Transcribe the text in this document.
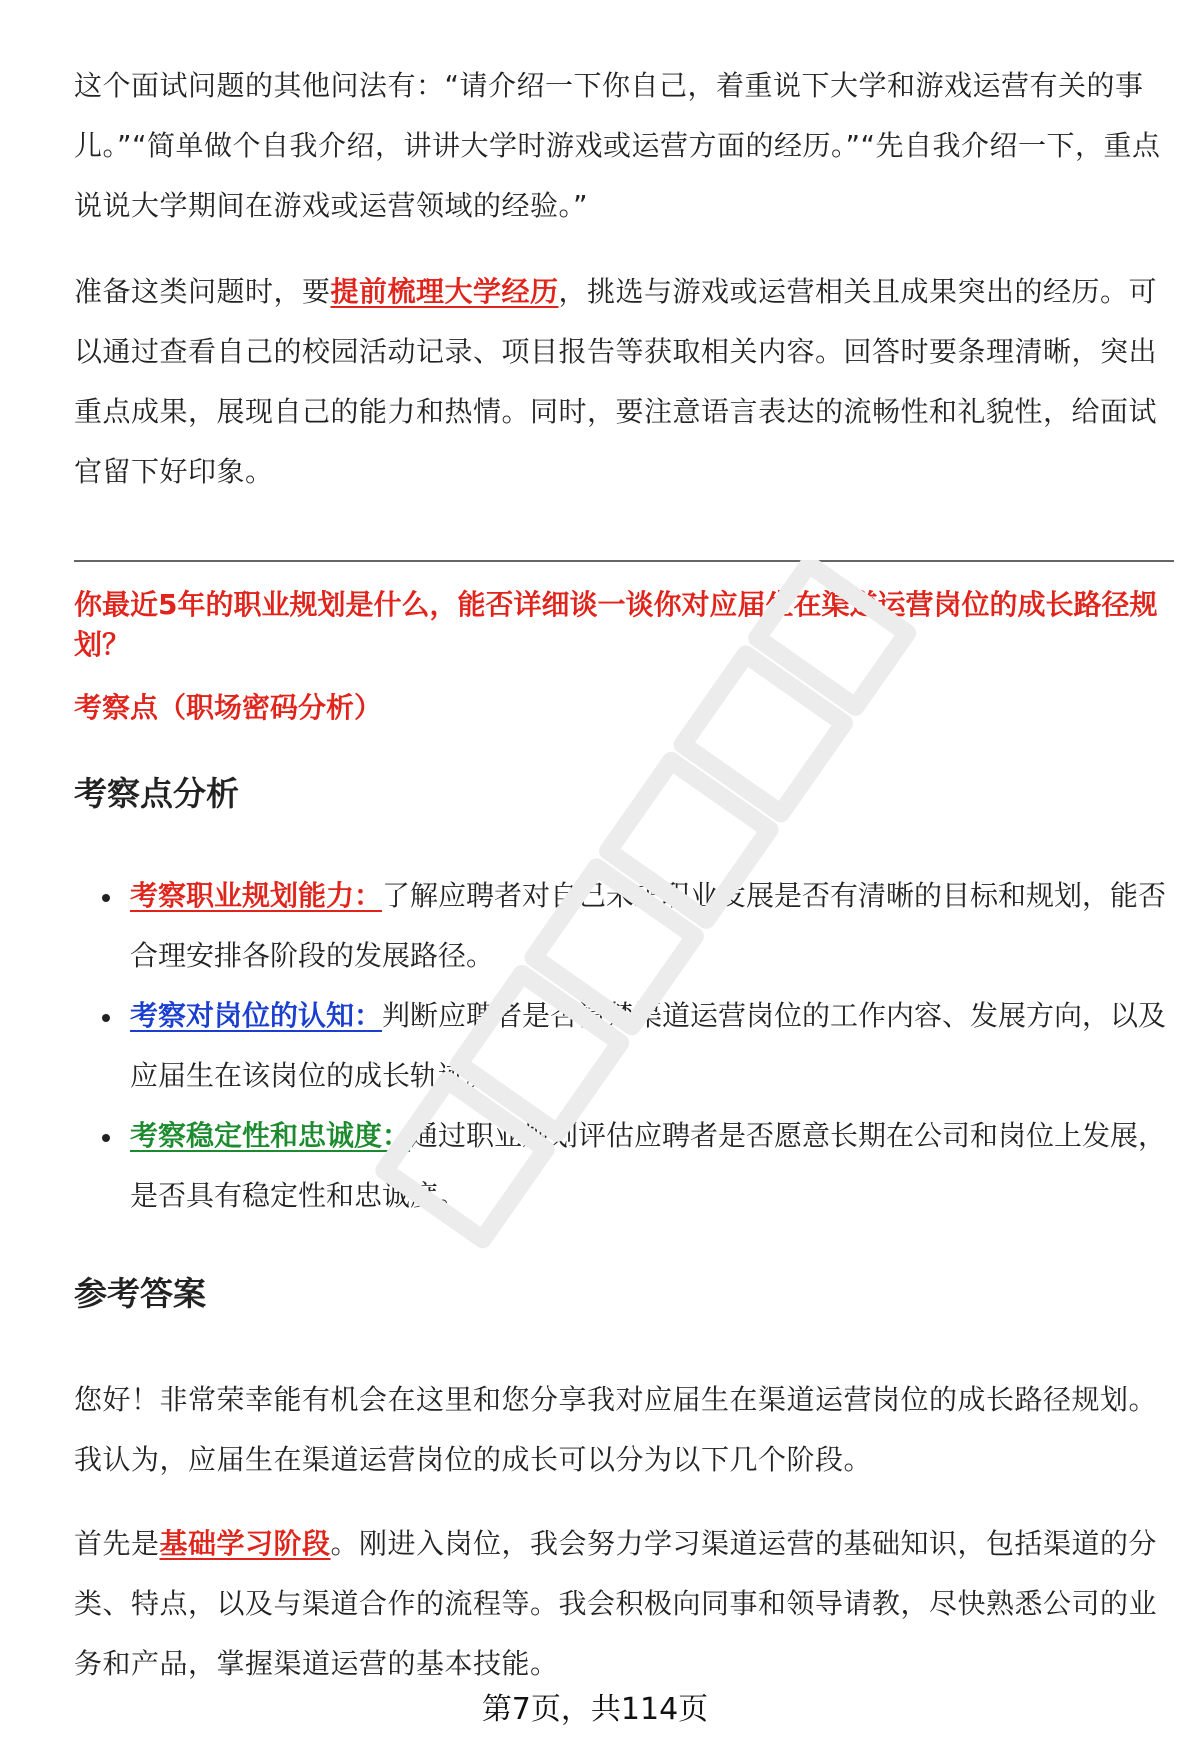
这个面试问题的其他问法有：“请介绍一下你自己，着重说下大学和游戏运营有关的事儿。”“简单做个自我介绍，讲讲大学时游戏或运营方面的经历。”“先自我介绍一下，重点说说大学期间在游戏或运营领域的经验。”

准备这类问题时，要提前梳理大学经历，挑选与游戏或运营相关且成果突出的经历。可以通过查看自己的校园活动记录、项目报告等获取相关内容。回答时要条理清晰，突出重点成果，展现自己的能力和热情。同时，要注意语言表达的流畅性和礼貌性，给面试官留下好印象。

你最近5年的职业规划是什么，能否详细谈一谈你对应届生在渠道运营岗位的成长路径规划？

考察点（职场密码分析）

考察点分析
考察职业规划能力：了解应聘者对自己未来职业发展是否有清晰的目标和规划，能否合理安排各阶段的发展路径。
考察对岗位的认知：判断应聘者是否清楚渠道运营岗位的工作内容、发展方向，以及应届生在该岗位的成长轨迹。
考察稳定性和忠诚度：通过职业规划评估应聘者是否愿意长期在公司和岗位上发展，是否具有稳定性和忠诚度。
参考答案

您好！非常荣幸能有机会在这里和您分享我对应届生在渠道运营岗位的成长路径规划。我认为，应届生在渠道运营岗位的成长可以分为以下几个阶段。

首先是基础学习阶段。刚进入岗位，我会努力学习渠道运营的基础知识，包括渠道的分类、特点，以及与渠道合作的流程等。我会积极向同事和领导请教，尽快熟悉公司的业务和产品，掌握渠道运营的基本技能。

第7页，共114页
